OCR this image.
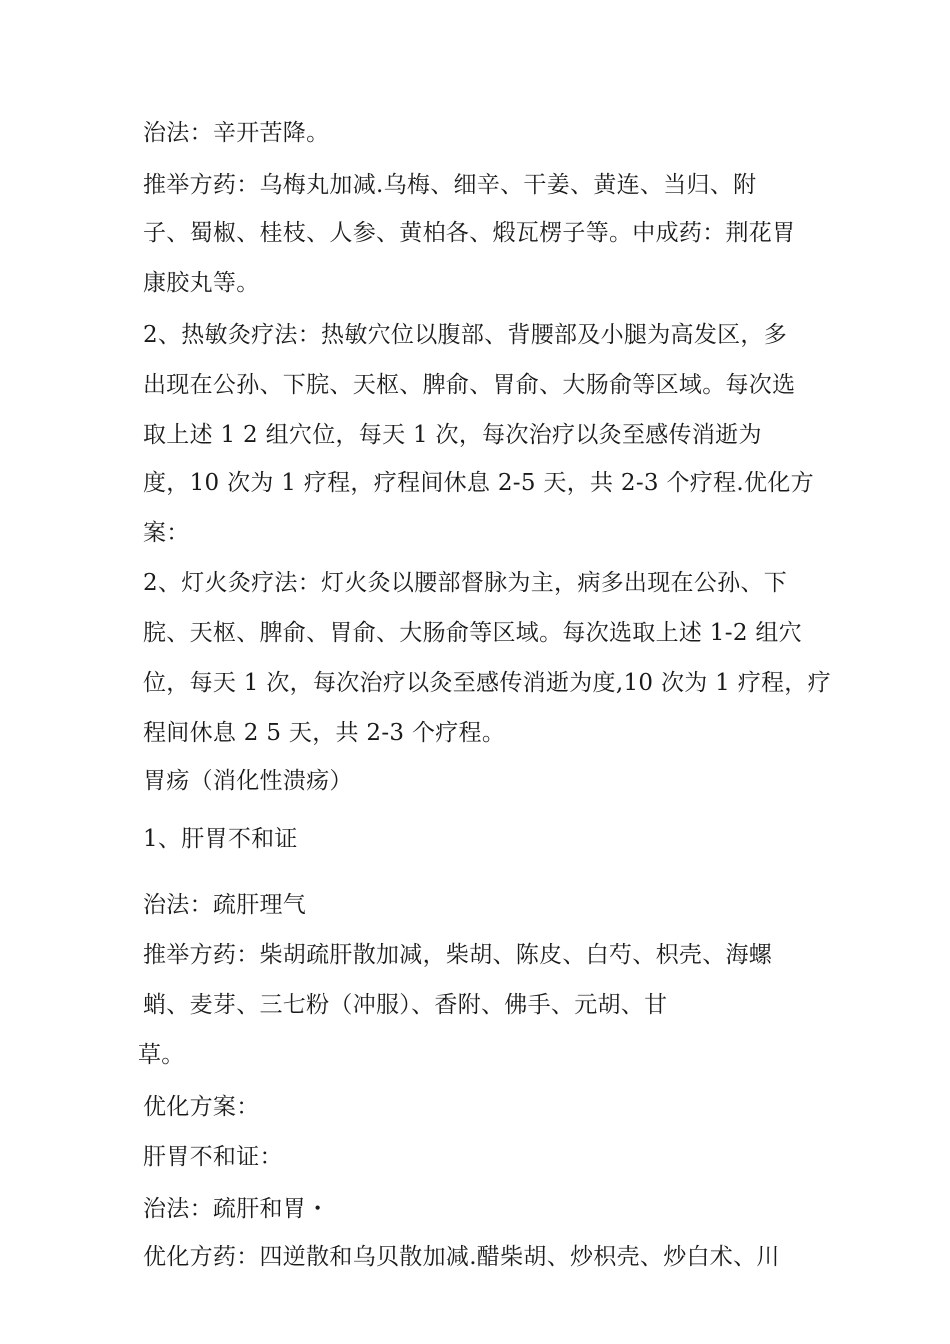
治法：辛开苦降。
推举方药：乌梅丸加减.乌梅、细辛、干姜、黄连、当归、附
子、蜀椒、桂枝、人参、黄柏各、煅瓦楞子等。中成药：荆花胃
康胶丸等。
2、热敏灸疗法：热敏穴位以腹部、背腰部及小腿为高发区，多
出现在公孙、下脘、天枢、脾俞、胃俞、大肠俞等区域。每次选
取上述 1 2 组穴位，每天 1 次，每次治疗以灸至感传消逝为
度，10 次为 1 疗程，疗程间休息 2-5 天，共 2-3 个疗程.优化方
案：
2、灯火灸疗法：灯火灸以腰部督脉为主，病多出现在公孙、下
脘、天枢、脾俞、胃俞、大肠俞等区域。每次选取上述 1-2 组穴
位，每天 1 次，每次治疗以灸至感传消逝为度,10 次为 1 疗程，疗
程间休息 2 5 天，共 2-3 个疗程。
胃疡（消化性溃疡）
1、肝胃不和证
治法：疏肝理气
推举方药：柴胡疏肝散加减，柴胡、陈皮、白芍、枳壳、海螺
蛸、麦芽、三七粉（冲服）、香附、佛手、元胡、甘
草。
优化方案：
肝胃不和证：
治法：疏肝和胃・
优化方药：四逆散和乌贝散加减.醋柴胡、炒枳壳、炒白术、川
